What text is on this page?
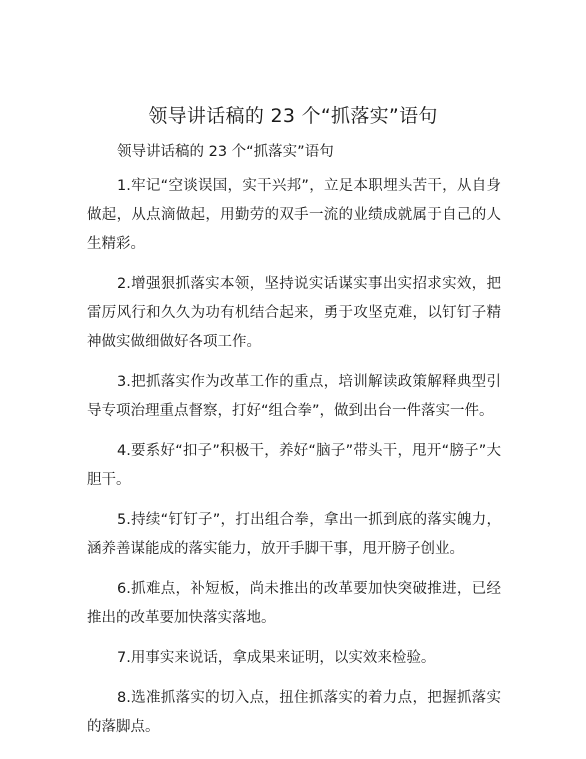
领导讲话稿的 23 个“抓落实”语句
领导讲话稿的 23 个“抓落实”语句

1.牢记“空谈误国，实干兴邦”，立足本职埋头苦干，从自身做起，从点滴做起，用勤劳的双手一流的业绩成就属于自己的人生精彩。

2.增强狠抓落实本领，坚持说实话谋实事出实招求实效，把雷厉风行和久久为功有机结合起来，勇于攻坚克难，以钉钉子精神做实做细做好各项工作。

3.把抓落实作为改革工作的重点，培训解读政策解释典型引导专项治理重点督察，打好“组合拳”，做到出台一件落实一件。

4.要系好“扣子”积极干，养好“脑子”带头干，甩开“膀子”大胆干。

5.持续“钉钉子”，打出组合拳，拿出一抓到底的落实魄力，涵养善谋能成的落实能力，放开手脚干事，甩开膀子创业。

6.抓难点，补短板，尚未推出的改革要加快突破推进，已经推出的改革要加快落实落地。

7.用事实来说话，拿成果来证明，以实效来检验。

8.选准抓落实的切入点，扭住抓落实的着力点，把握抓落实的落脚点。
